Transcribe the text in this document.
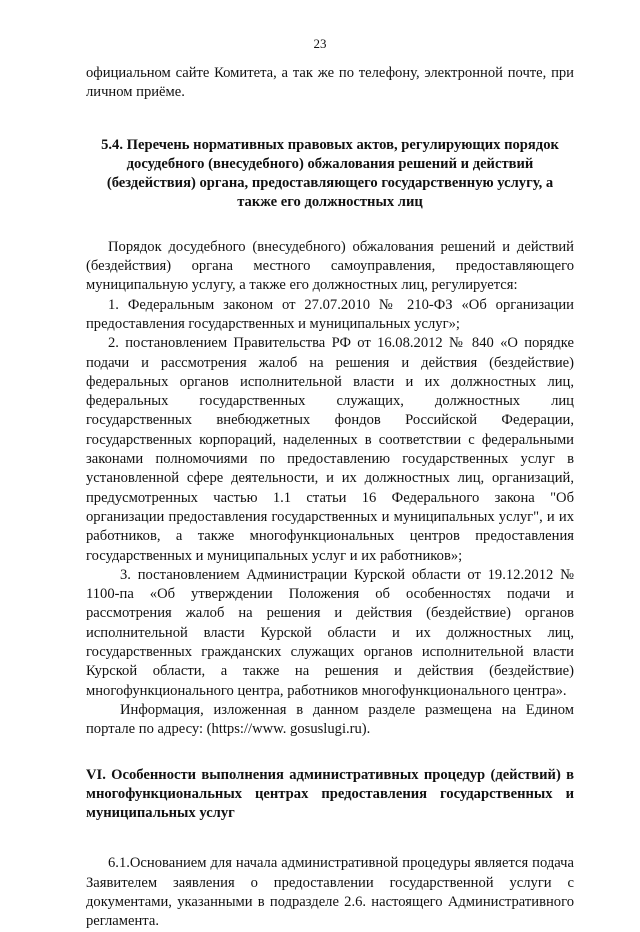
23

официальном сайте Комитета, а так же по телефону, электронной почте, при личном приёме.

5.4. Перечень нормативных правовых актов, регулирующих порядок досудебного (внесудебного) обжалования решений и действий (бездействия) органа, предоставляющего государственную услугу, а также его должностных лиц

Порядок досудебного (внесудебного) обжалования решений и действий (бездействия) органа местного самоуправления, предоставляющего муниципальную услугу, а также его должностных лиц, регулируется:

1. Федеральным законом от 27.07.2010 № 210-ФЗ «Об организации предоставления государственных и муниципальных услуг»;

2. постановлением Правительства РФ от 16.08.2012 № 840 «О порядке подачи и рассмотрения жалоб на решения и действия (бездействие) федеральных органов исполнительной власти и их должностных лиц, федеральных государственных служащих, должностных лиц государственных внебюджетных фондов Российской Федерации, государственных корпораций, наделенных в соответствии с федеральными законами полномочиями по предоставлению государственных услуг в установленной сфере деятельности, и их должностных лиц, организаций, предусмотренных частью 1.1 статьи 16 Федерального закона "Об организации предоставления государственных и муниципальных услуг", и их работников, а также многофункциональных центров предоставления государственных и муниципальных услуг и их работников»;

3. постановлением Администрации Курской области от 19.12.2012 № 1100-па «Об утверждении Положения об особенностях подачи и рассмотрения жалоб на решения и действия (бездействие) органов исполнительной власти Курской области и их должностных лиц, государственных гражданских служащих органов исполнительной власти Курской области, а также на решения и действия (бездействие) многофункционального центра, работников многофункционального центра».

Информация, изложенная в данном разделе размещена на Едином портале по адресу: (https://www. gosuslugi.ru).

VI. Особенности выполнения административных процедур (действий) в многофункциональных центрах предоставления государственных и муниципальных услуг

6.1.Основанием для начала административной процедуры является подача Заявителем заявления о предоставлении государственной услуги с документами, указанными в подразделе 2.6. настоящего Административного регламента.
